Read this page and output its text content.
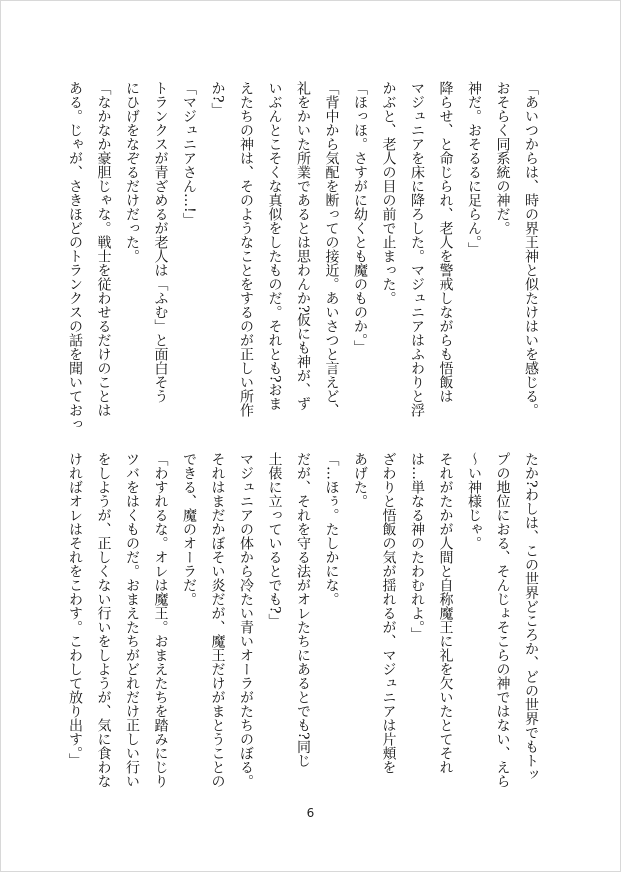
「あいつからは、時の界王神と似たけはいを感じる。
おそらく同系統の神だ。
神だ。おそるるに足らん。」
降らせ、と命じられ、老人を警戒しながらも悟飯は
マジュニアを床に降ろした。マジュニアはふわりと浮
かぶと、老人の目の前で止まった。
「ほっほ。さすがに幼くとも魔のものか。」
「背中から気配を断っての接近。あいさつと言えど、
礼をかいた所業であるとは思わんか?仮にも神が、ず
いぶんとこそくな真似をしたものだ。それとも?おま
えたちの神は、そのようなことをするのが正しい所作
か?」
「マジュニアさん…!」
トランクスが青ざめるが老人は「ふむ」と面白そう
にひげをなぞるだけだった。
「なかなか豪胆じゃな。戦士を従わせるだけのことは
ある。じゃが、さきほどのトランクスの話を聞いておっ
たか?わしは、この世界どころか、どの世界でもトッ
プの地位におる、そんじょそこらの神ではない、えら
〜い神様じゃ。
それがたかが人間と自称魔王に礼を欠いたとてそれ
は…単なる神のたわむれよ。」
ざわりと悟飯の気が揺れるが、マジュニアは片頬を
あげた。
「…ほぅ。たしかにな。
だが、それを守る法がオレたちにあるとでも?同じ
土俵に立っているとでも?」
マジュニアの体から冷たい青いオーラがたちのぼる。
それはまだかぼそい炎だが、魔王だけがまとうことの
できる、魔のオーラだ。
「わすれるな。オレは魔王。おまえたちを踏みにじり
ツバをはくものだ。おまえたちがどれだけ正しい行い
をしようが、正しくない行いをしようが、気に食わな
ければオレはそれをこわす。こわして放り出す。」
6
